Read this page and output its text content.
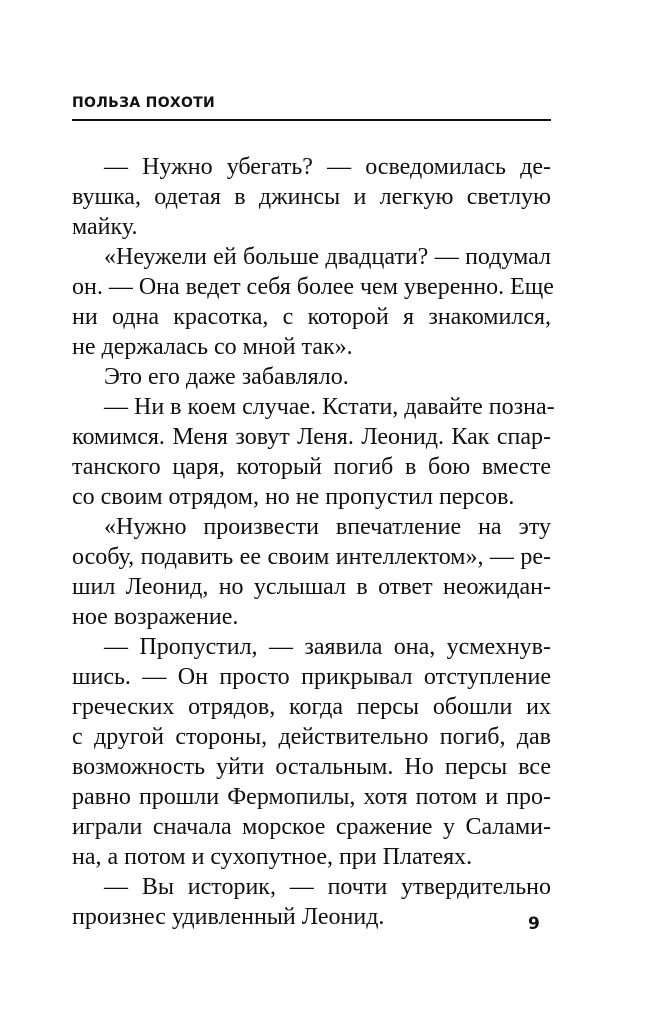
ПОЛЬЗА ПОХОТИ
— Нужно убегать? — осведомилась де-
вушка, одетая в джинсы и легкую светлую
майку.
«Неужели ей больше двадцати? — подумал
он. — Она ведет себя более чем уверенно. Еще
ни одна красотка, с которой я знакомился,
не держалась со мной так».
Это его даже забавляло.
— Ни в коем случае. Кстати, давайте позна-
комимся. Меня зовут Леня. Леонид. Как спар-
танского царя, который погиб в бою вместе
со своим отрядом, но не пропустил персов.
«Нужно произвести впечатление на эту
особу, подавить ее своим интеллектом», — ре-
шил Леонид, но услышал в ответ неожидан-
ное возражение.
— Пропустил, — заявила она, усмехнув-
шись. — Он просто прикрывал отступление
греческих отрядов, когда персы обошли их
с другой стороны, действительно погиб, дав
возможность уйти остальным. Но персы все
равно прошли Фермопилы, хотя потом и про-
играли сначала морское сражение у Салами-
на, а потом и сухопутное, при Платеях.
— Вы историк, — почти утвердительно
произнес удивленный Леонид.	9
